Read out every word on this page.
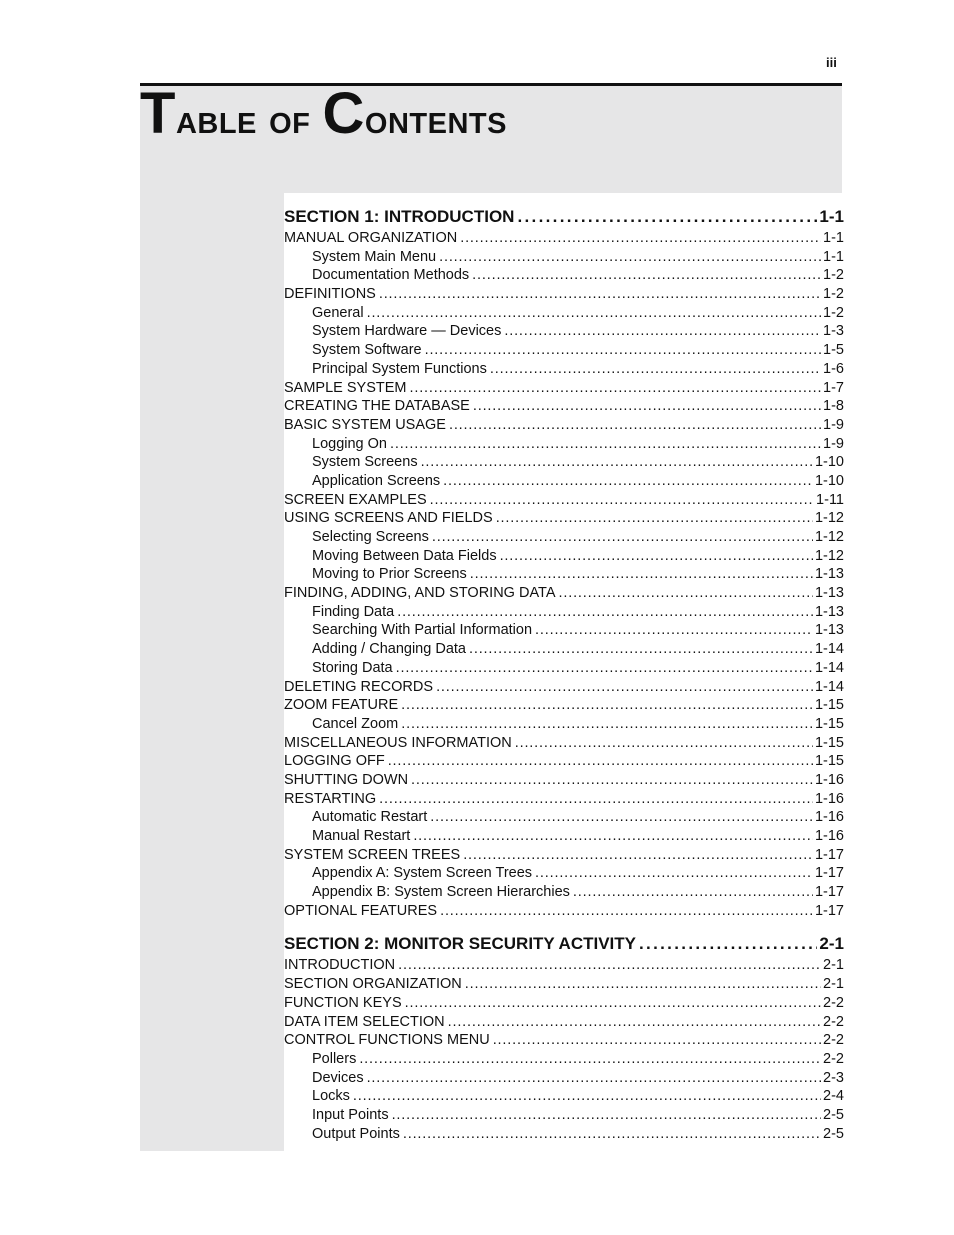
iii
Table of Contents
SECTION 1: INTRODUCTION . . .	1-1
MANUAL ORGANIZATION . . .	1-1
System Main Menu . . .	1-1
Documentation Methods . . .	1-2
DEFINITIONS . . .	1-2
General . . .	1-2
System Hardware — Devices . . .	1-3
System Software . . .	1-5
Principal System Functions . . .	1-6
SAMPLE SYSTEM . . .	1-7
CREATING THE DATABASE . . .	1-8
BASIC SYSTEM USAGE . . .	1-9
Logging On . . .	1-9
System Screens . . .	1-10
Application Screens . . .	1-10
SCREEN EXAMPLES . . .	1-11
USING SCREENS AND FIELDS . . .	1-12
Selecting Screens . . .	1-12
Moving Between Data Fields . . .	1-12
Moving to Prior Screens . . .	1-13
FINDING, ADDING, AND STORING DATA . . .	1-13
Finding Data . . .	1-13
Searching With Partial Information . . .	1-13
Adding / Changing Data . . .	1-14
Storing Data . . .	1-14
DELETING RECORDS . . .	1-14
ZOOM FEATURE . . .	1-15
Cancel Zoom . . .	1-15
MISCELLANEOUS INFORMATION . . .	1-15
LOGGING OFF . . .	1-15
SHUTTING DOWN . . .	1-16
RESTARTING . . .	1-16
Automatic Restart . . .	1-16
Manual Restart . . .	1-16
SYSTEM SCREEN TREES . . .	1-17
Appendix A: System Screen Trees . . .	1-17
Appendix B: System Screen Hierarchies . . .	1-17
OPTIONAL FEATURES . . .	1-17
SECTION 2: MONITOR SECURITY ACTIVITY . . .	2-1
INTRODUCTION . . .	2-1
SECTION ORGANIZATION . . .	2-1
FUNCTION KEYS . . .	2-2
DATA ITEM SELECTION . . .	2-2
CONTROL FUNCTIONS MENU . . .	2-2
Pollers . . .	2-2
Devices . . .	2-3
Locks . . .	2-4
Input Points . . .	2-5
Output Points . . .	2-5
